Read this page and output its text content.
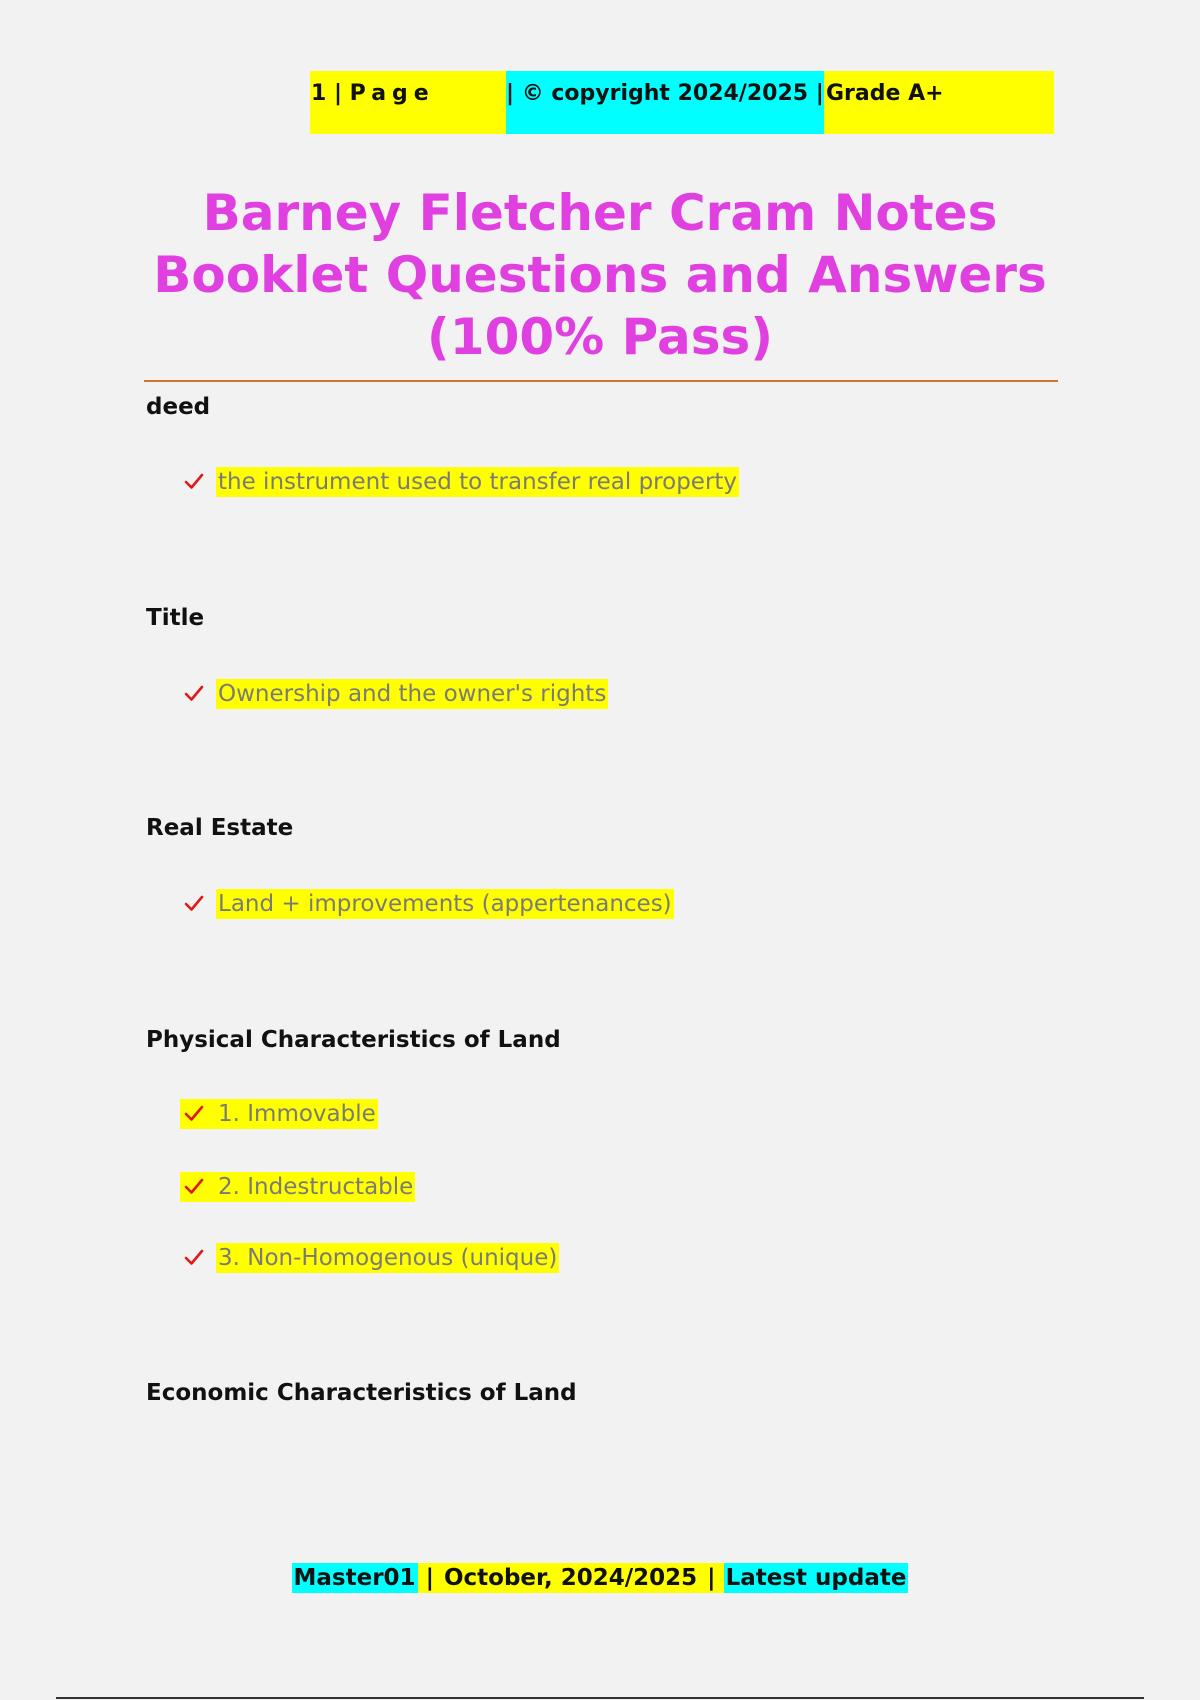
1 | Page	| © copyright 2024/2025 | Grade A+
Barney Fletcher Cram Notes
Booklet Questions and Answers
(100% Pass)
deed
the instrument used to transfer real property
Title
Ownership and the owner's rights
Real Estate
Land + improvements (appertenances)
Physical Characteristics of Land
1. Immovable
2. Indestructable
3. Non-Homogenous (unique)
Economic Characteristics of Land
Master01 | October, 2024/2025 | Latest update
